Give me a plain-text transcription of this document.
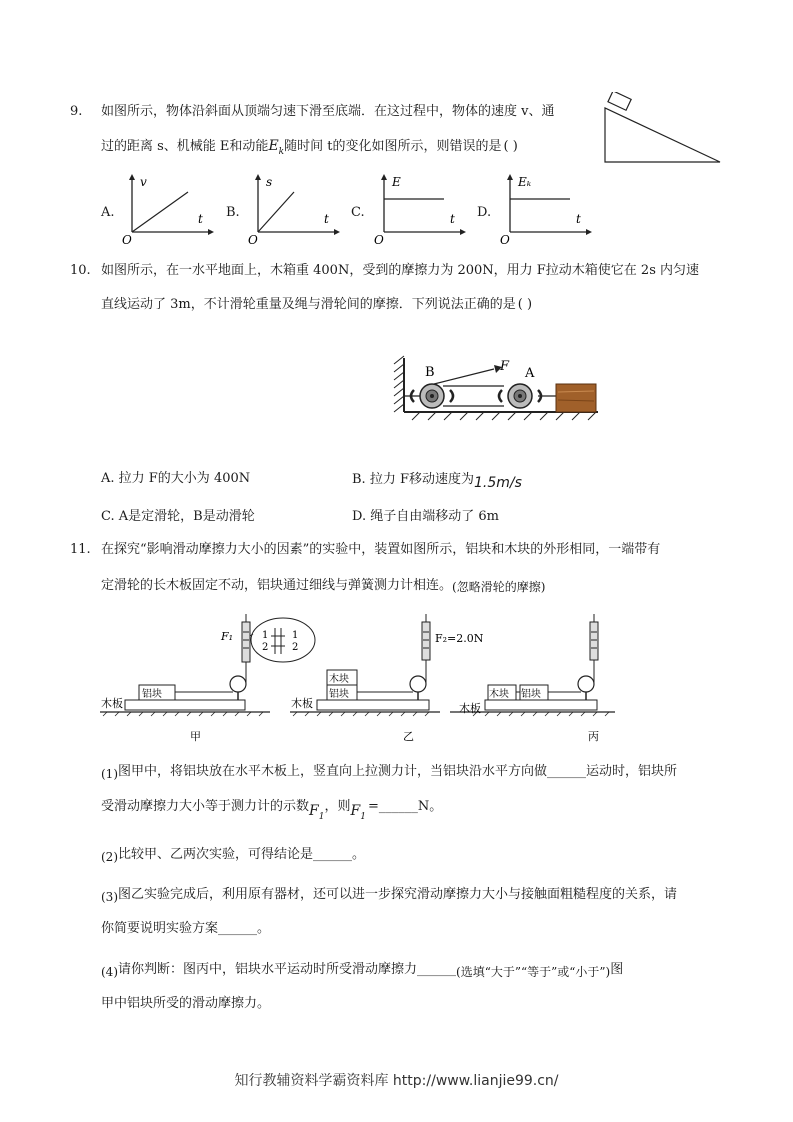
9. 如图所示，物体沿斜面从顶端匀速下滑至底端．在这过程中，物体的速度 v、通
过的距离 s、机械能 E和动能$E_k$随时间 t的变化如图所示，则错误的是 ( )
A.
v
t
O
B.
s
t
O
C.
E
t
O
D.
Eₖ
t
O
10. 如图所示，在一水平地面上，木箱重 400N，受到的摩擦力为 200N，用力 F拉动木箱使它在 2s 内匀速
直线运动了 3m，不计滑轮重量及绳与滑轮间的摩擦．下列说法正确的是 ( )
B	A
F
A. 拉力 F的大小为 400N	B. 拉力 F移动速度为1.5m/s
C. A是定滑轮，B是动滑轮	D. 绳子自由端移动了 6m
11. 在探究“影响滑动摩擦力大小的因素”的实验中，装置如图所示，铝块和木块的外形相同，一端带有
定滑轮的长木板固定不动，铝块通过细线与弹簧测力计相连。(忽略滑轮的摩擦)
1
2
1
2
F₁
木板
铝块
甲
F₂=2.0N
木板
木块
铝块
乙
木板
木块 铝块
丙
(1)图甲中，将铝块放在水平木板上，竖直向上拉测力计，当铝块沿水平方向做______运动时，铝块所
受滑动摩擦力大小等于测力计的示数$F_1$，则$F_1=\_\_\_\_\_\_N$。
(2)比较甲、乙两次实验，可得结论是______。
(3)图乙实验完成后，利用原有器材，还可以进一步探究滑动摩擦力大小与接触面粗糙程度的关系，请
你简要说明实验方案______。
(4)请你判断：图丙中，铝块水平运动时所受滑动摩擦力______(选填“大于”“等于”或“小于”)图
甲中铝块所受的滑动摩擦力。
知行教辅资料学霸资料库 http://www.lianjie99.cn/
